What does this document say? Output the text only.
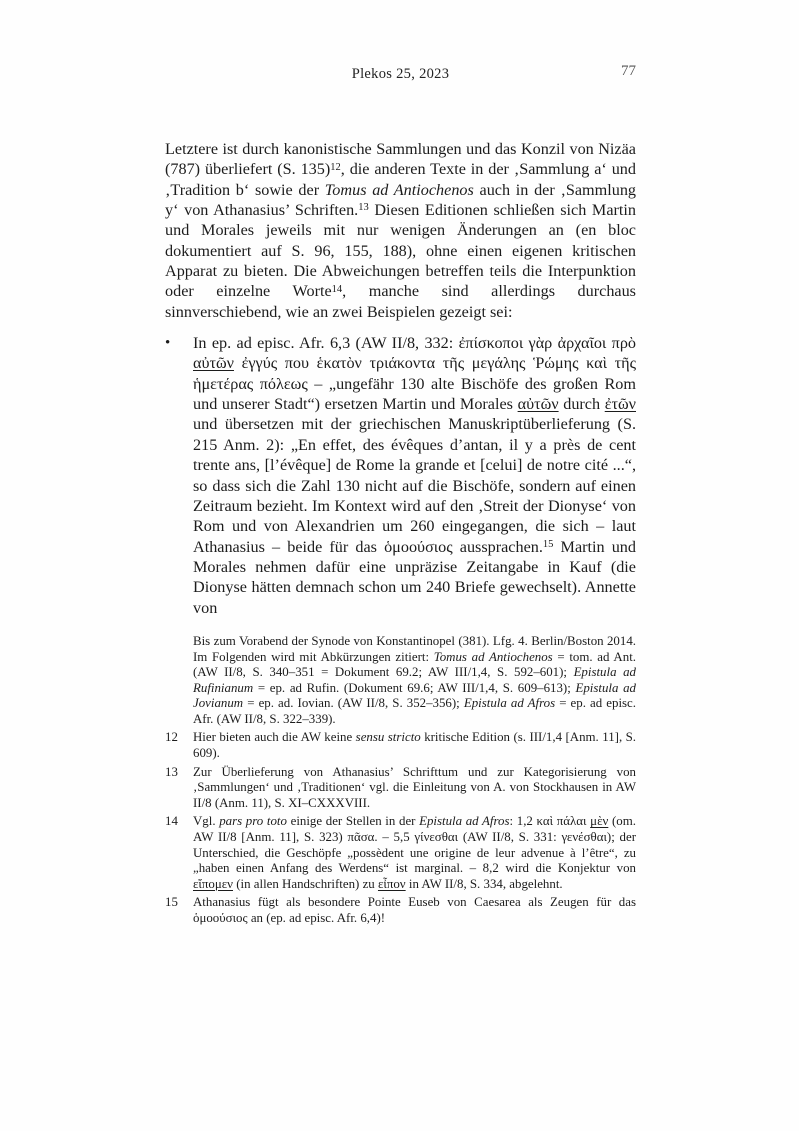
Plekos 25, 2023	77

Letztere ist durch kanonistische Sammlungen und das Konzil von Nizäa (787) überliefert (S. 135)$^{12}$, die anderen Texte in der ‚Sammlung a‘ und ‚Tradition b‘ sowie der Tomus ad Antiochenos auch in der ‚Sammlung y‘ von Athanasius’ Schriften.$^{13}$ Diesen Editionen schließen sich Martin und Morales jeweils mit nur wenigen Änderungen an (en bloc dokumentiert auf S. 96, 155, 188), ohne einen eigenen kritischen Apparat zu bieten. Die Abweichungen betreffen teils die Interpunktion oder einzelne Worte$^{14}$, manche sind allerdings durchaus sinnverschiebend, wie an zwei Beispielen gezeigt sei:

•	In ep. ad episc. Afr. 6,3 (AW II/8, 332: ἐπίσκοποι γὰρ ἀρχαῖοι πρὸ αὐτῶν ἐγγύς που ἑκατὸν τριάκοντα τῆς μεγάλης Ῥώμης καὶ τῆς ἡμετέρας πόλεως – „ungefähr 130 alte Bischöfe des großen Rom und unserer Stadt“) ersetzen Martin und Morales αὐτῶν durch ἐτῶν und übersetzen mit der griechischen Manuskriptüberlieferung (S. 215 Anm. 2): „En effet, des évêques d’antan, il y a près de cent trente ans, [l’évêque] de Rome la grande et [celui] de notre cité ...“, so dass sich die Zahl 130 nicht auf die Bischöfe, sondern auf einen Zeitraum bezieht. Im Kontext wird auf den ‚Streit der Dionyse‘ von Rom und von Alexandrien um 260 eingegangen, die sich – laut Athanasius – beide für das ὁμοούσιος aussprachen.$^{15}$ Martin und Morales nehmen dafür eine unpräzise Zeitangabe in Kauf (die Dionyse hätten demnach schon um 240 Briefe gewechselt). Annette von
Bis zum Vorabend der Synode von Konstantinopel (381). Lfg. 4. Berlin/Boston 2014. Im Folgenden wird mit Abkürzungen zitiert: Tomus ad Antiochenos = tom. ad Ant. (AW II/8, S. 340–351 = Dokument 69.2; AW III/1,4, S. 592–601); Epistula ad Rufinianum = ep. ad Rufin. (Dokument 69.6; AW III/1,4, S. 609–613); Epistula ad Jovianum = ep. ad. Iovian. (AW II/8, S. 352–356); Epistula ad Afros = ep. ad episc. Afr. (AW II/8, S. 322–339).
12	Hier bieten auch die AW keine sensu stricto kritische Edition (s. III/1,4 [Anm. 11], S. 609).
13	Zur Überlieferung von Athanasius’ Schrifttum und zur Kategorisierung von ‚Sammlungen‘ und ‚Traditionen‘ vgl. die Einleitung von A. von Stockhausen in AW II/8 (Anm. 11), S. XI–CXXXVIII.
14	Vgl. pars pro toto einige der Stellen in der Epistula ad Afros: 1,2 καὶ πάλαι μὲν (om. AW II/8 [Anm. 11], S. 323) πᾶσα. – 5,5 γίνεσθαι (AW II/8, S. 331: γενέσθαι); der Unterschied, die Geschöpfe „possèdent une origine de leur advenue à l’être“, zu „haben einen Anfang des Werdens“ ist marginal. – 8,2 wird die Konjektur von εἴπομεν (in allen Handschriften) zu εἶπον in AW II/8, S. 334, abgelehnt.
15	Athanasius fügt als besondere Pointe Euseb von Caesarea als Zeugen für das ὁμοούσιος an (ep. ad episc. Afr. 6,4)!
